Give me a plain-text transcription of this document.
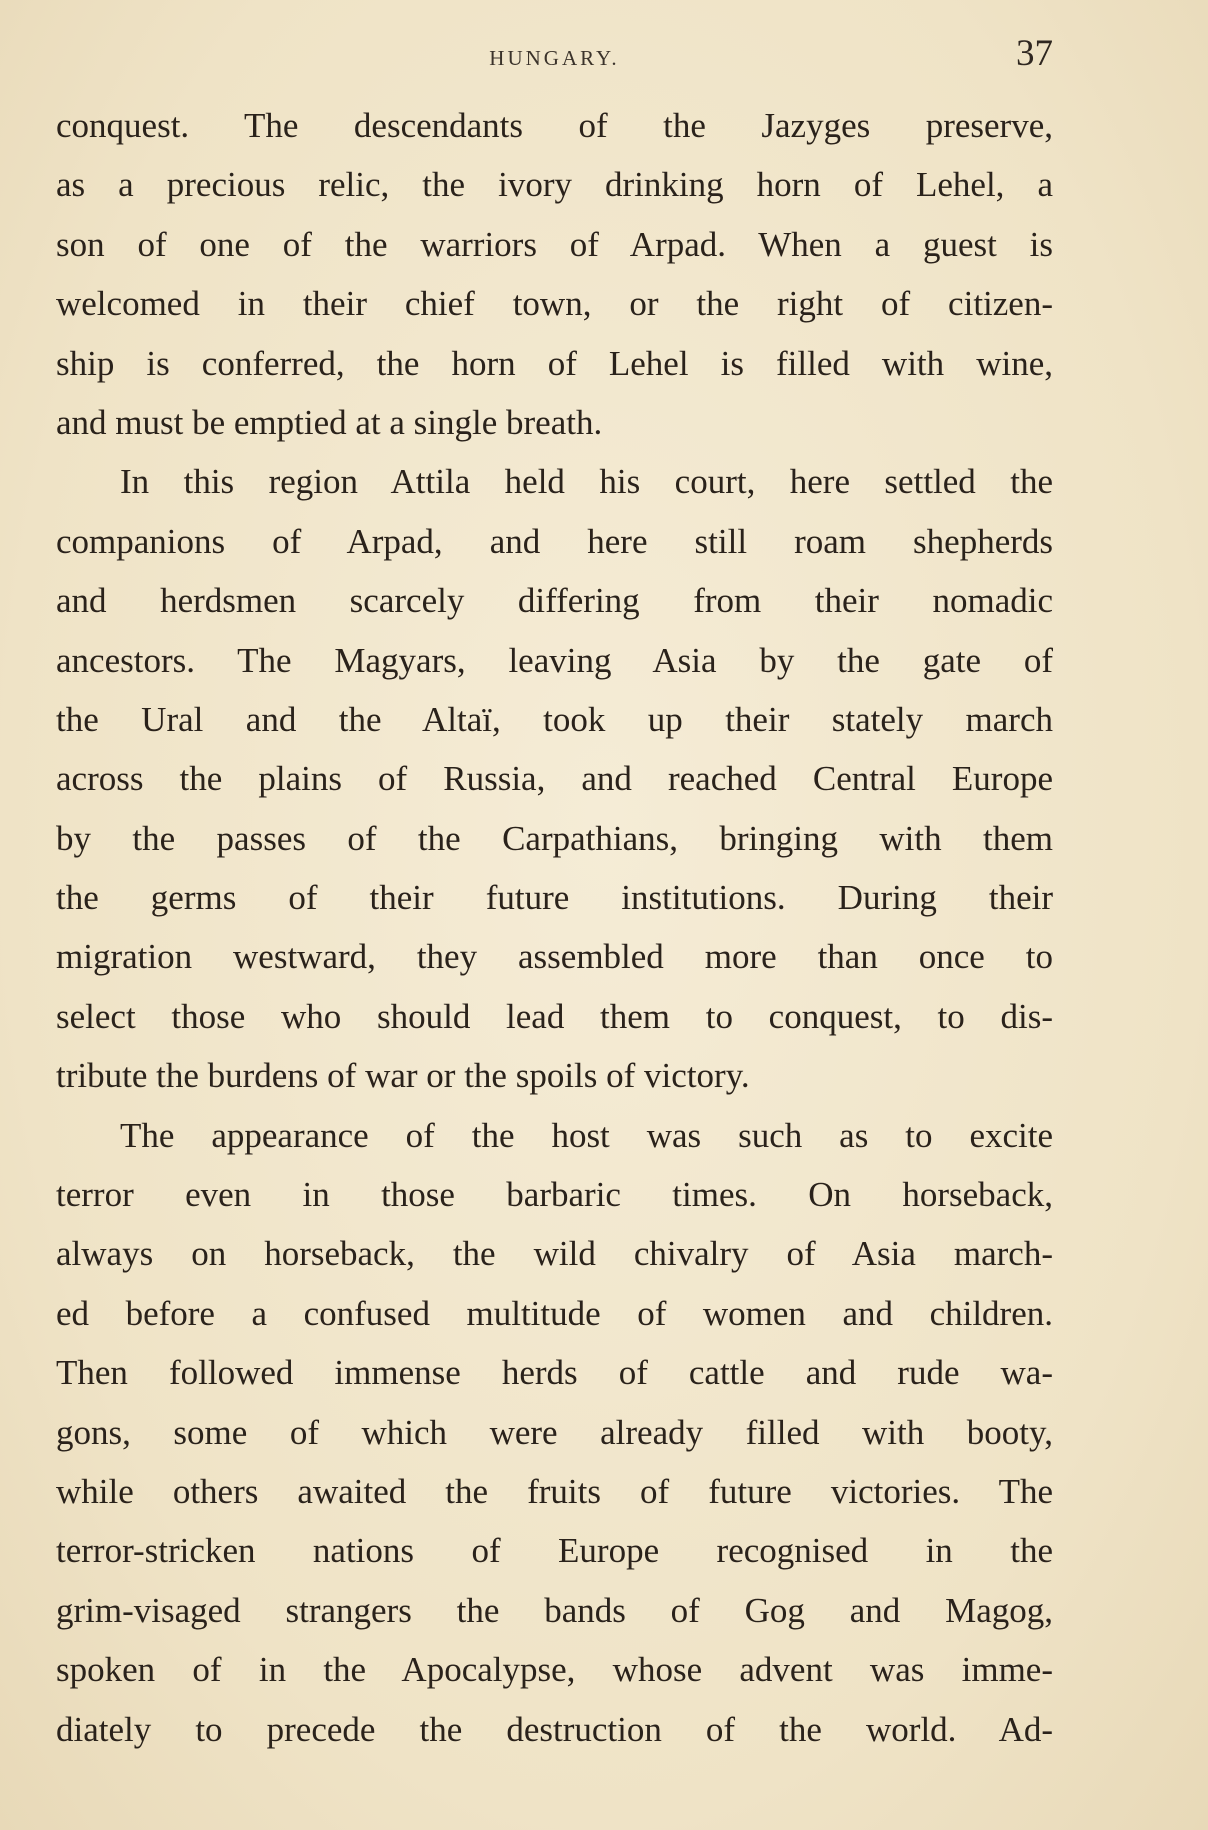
HUNGARY.	37
conquest. The descendants of the Jazyges preserve,
as a precious relic, the ivory drinking horn of Lehel, a
son of one of the warriors of Arpad. When a guest is
welcomed in their chief town, or the right of citizen-
ship is conferred, the horn of Lehel is filled with wine,
and must be emptied at a single breath.
In this region Attila held his court, here settled the
companions of Arpad, and here still roam shepherds
and herdsmen scarcely differing from their nomadic
ancestors. The Magyars, leaving Asia by the gate of
the Ural and the Altaï, took up their stately march
across the plains of Russia, and reached Central Europe
by the passes of the Carpathians, bringing with them
the germs of their future institutions. During their
migration westward, they assembled more than once to
select those who should lead them to conquest, to dis-
tribute the burdens of war or the spoils of victory.
The appearance of the host was such as to excite
terror even in those barbaric times. On horseback,
always on horseback, the wild chivalry of Asia march-
ed before a confused multitude of women and children.
Then followed immense herds of cattle and rude wa-
gons, some of which were already filled with booty,
while others awaited the fruits of future victories. The
terror-stricken nations of Europe recognised in the
grim-visaged strangers the bands of Gog and Magog,
spoken of in the Apocalypse, whose advent was imme-
diately to precede the destruction of the world. Ad-
